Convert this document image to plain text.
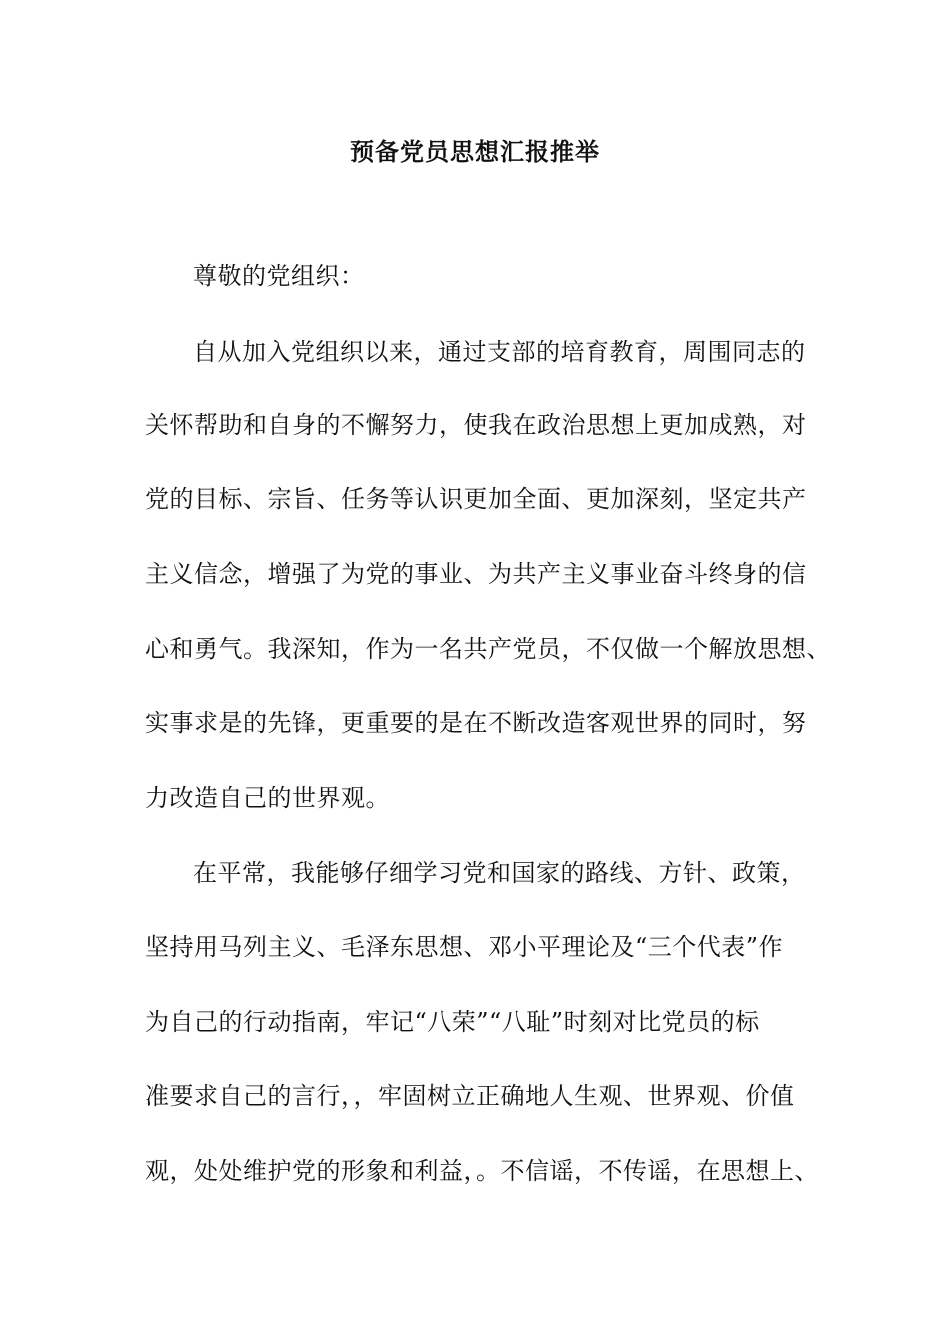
预备党员思想汇报推举
尊敬的党组织：
自从加入党组织以来，通过支部的培育教育，周围同志的
关怀帮助和自身的不懈努力，使我在政治思想上更加成熟，对
党的目标、宗旨、任务等认识更加全面、更加深刻，坚定共产
主义信念，增强了为党的事业、为共产主义事业奋斗终身的信
心和勇气。我深知，作为一名共产党员，不仅做一个解放思想、
实事求是的先锋，更重要的是在不断改造客观世界的同时，努
力改造自己的世界观。
在平常，我能够仔细学习党和国家的路线、方针、政策，
坚持用马列主义、毛泽东思想、邓小平理论及“三个代表”作
为自己的行动指南，牢记“八荣”“八耻”时刻对比党员的标
准要求自己的言行，，牢固树立正确地人生观、世界观、价值
观，处处维护党的形象和利益，。不信谣，不传谣，在思想上、
